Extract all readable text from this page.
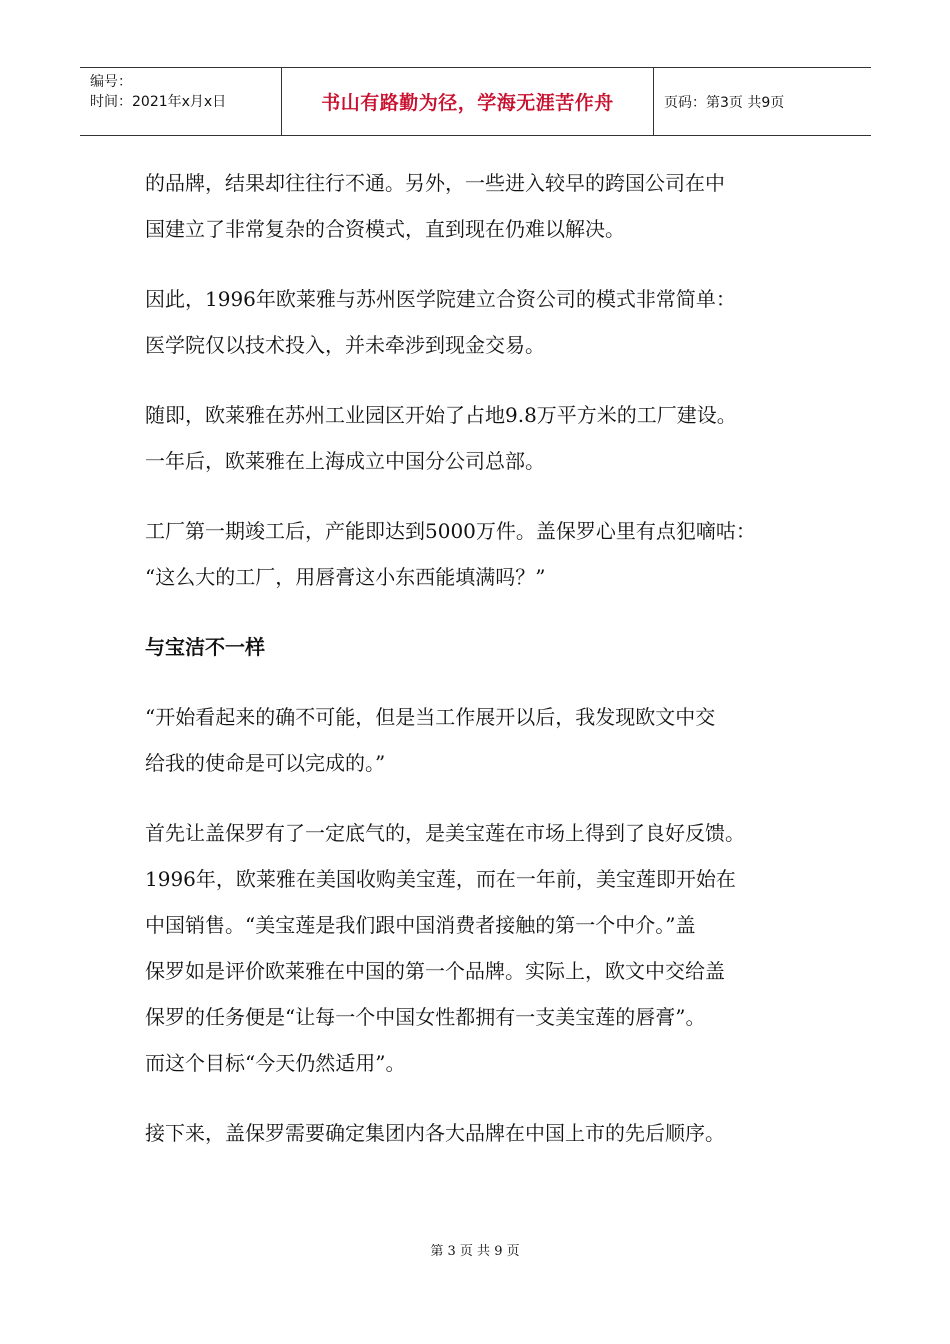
编号：
时间：2021年x月x日	书山有路勤为径，学海无涯苦作舟	页码：第3页 共9页

的品牌，结果却往往行不通。另外，一些进入较早的跨国公司在中
国建立了非常复杂的合资模式，直到现在仍难以解决。

因此，1996年欧莱雅与苏州医学院建立合资公司的模式非常简单：
医学院仅以技术投入，并未牵涉到现金交易。

随即，欧莱雅在苏州工业园区开始了占地9.8万平方米的工厂建设。
一年后，欧莱雅在上海成立中国分公司总部。

工厂第一期竣工后，产能即达到5000万件。盖保罗心里有点犯嘀咕：
“这么大的工厂，用唇膏这小东西能填满吗？”

与宝洁不一样

“开始看起来的确不可能，但是当工作展开以后，我发现欧文中交
给我的使命是可以完成的。”

首先让盖保罗有了一定底气的，是美宝莲在市场上得到了良好反馈。
1996年，欧莱雅在美国收购美宝莲，而在一年前，美宝莲即开始在
中国销售。“美宝莲是我们跟中国消费者接触的第一个中介。”盖
保罗如是评价欧莱雅在中国的第一个品牌。实际上，欧文中交给盖
保罗的任务便是“让每一个中国女性都拥有一支美宝莲的唇膏”。
而这个目标“今天仍然适用”。

接下来，盖保罗需要确定集团内各大品牌在中国上市的先后顺序。

第 3 页 共 9 页
